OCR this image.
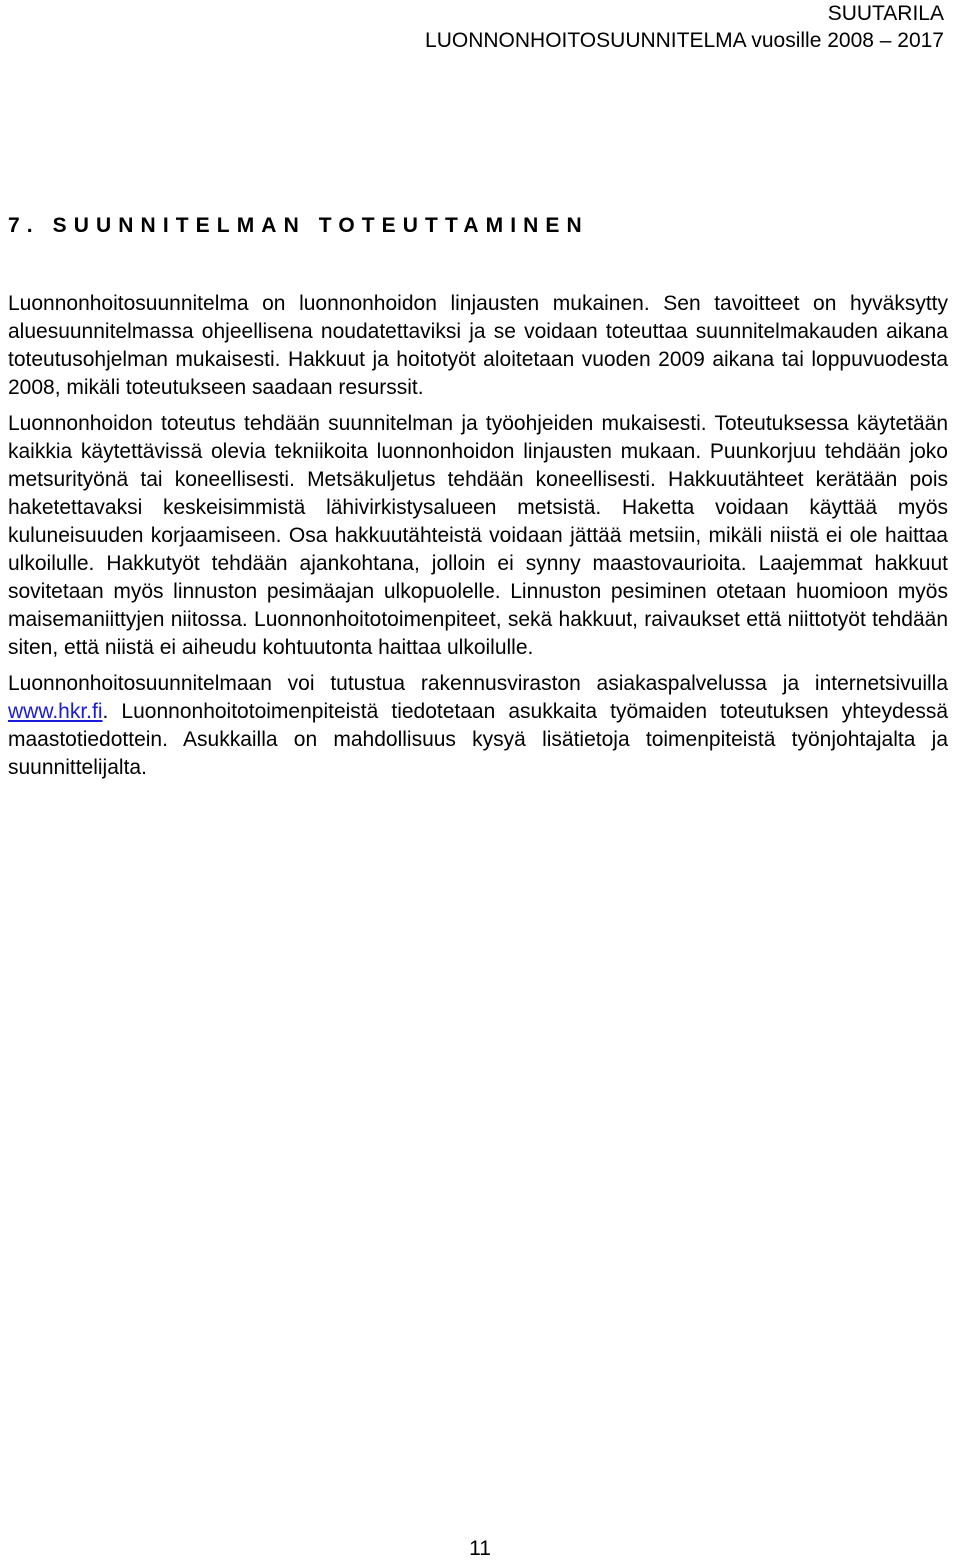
SUUTARILA
LUONNONHOITOSUUNNITELMA vuosille 2008 – 2017
7. SUUNNITELMAN TOTEUTTAMINEN

Luonnonhoitosuunnitelma on luonnonhoidon linjausten mukainen. Sen tavoitteet on hyväksytty aluesuunnitelmassa ohjeellisena noudatettaviksi ja se voidaan toteuttaa suunnitelmakauden aikana toteutusohjelman mukaisesti. Hakkuut ja hoitotyöt aloitetaan vuoden 2009 aikana tai loppuvuodesta 2008, mikäli toteutukseen saadaan resurssit.

Luonnonhoidon toteutus tehdään suunnitelman ja työohjeiden mukaisesti. Toteutuksessa käytetään kaikkia käytettävissä olevia tekniikoita luonnonhoidon linjausten mukaan. Puunkorjuu tehdään joko metsurityönä tai koneellisesti. Metsäkuljetus tehdään koneellisesti. Hakkuutähteet kerätään pois haketettavaksi keskeisimmistä lähivirkistysalueen metsistä. Haketta voidaan käyttää myös kuluneisuuden korjaamiseen. Osa hakkuutähteistä voidaan jättää metsiin, mikäli niistä ei ole haittaa ulkoilulle. Hakkutyöt tehdään ajankohtana, jolloin ei synny maastovaurioita. Laajemmat hakkuut sovitetaan myös linnuston pesimäajan ulkopuolelle. Linnuston pesiminen otetaan huomioon myös maisemaniittyjen niitossa. Luonnonhoitotoimenpiteet, sekä hakkuut, raivaukset että niittotyöt tehdään siten, että niistä ei aiheudu kohtuutonta haittaa ulkoilulle.

Luonnonhoitosuunnitelmaan voi tutustua rakennusviraston asiakaspalvelussa ja internetsivuilla www.hkr.fi. Luonnonhoitotoimenpiteistä tiedotetaan asukkaita työmaiden toteutuksen yhteydessä maastotiedottein. Asukkailla on mahdollisuus kysyä lisätietoja toimenpiteistä työnjohtajalta ja suunnittelijalta.

11
